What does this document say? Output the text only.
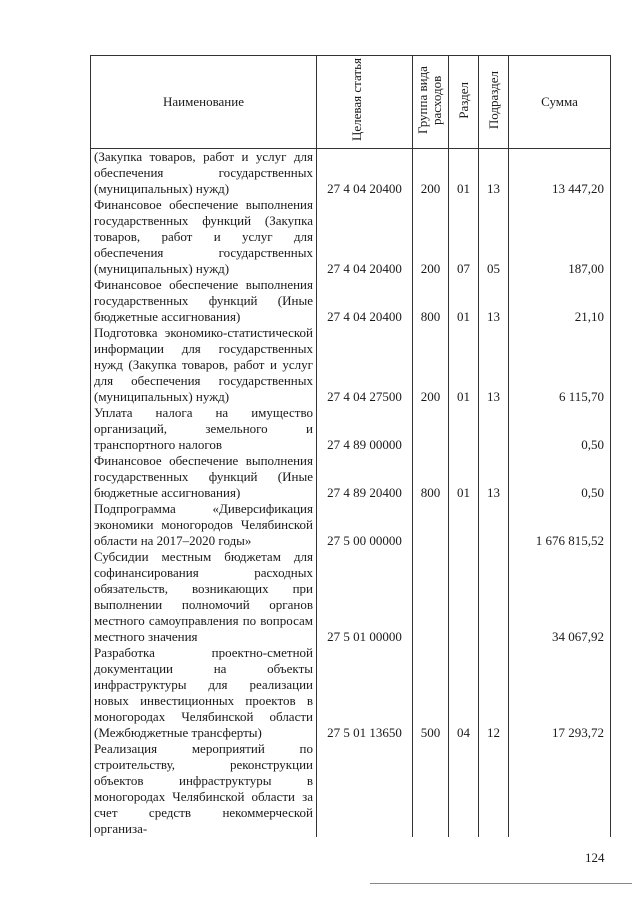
Наименование	Целевая статья	Группа вида расходов	Раздел	Подраздел	Сумма
(Закупка товаров, работ и услуг для обеспечения государственных (муниципальных) нужд)	27 4 04 20400	200	01	13	13 447,20
Финансовое обеспечение выполнения государственных функций (Закупка товаров, работ и услуг для обеспечения государственных (муниципальных) нужд)	27 4 04 20400	200	07	05	187,00
Финансовое обеспечение выполнения государственных функций (Иные бюджетные ассигнования)	27 4 04 20400	800	01	13	21,10
Подготовка экономико-статистической информации для государственных нужд (Закупка товаров, работ и услуг для обеспечения государственных (муниципальных) нужд)	27 4 04 27500	200	01	13	6 115,70
Уплата налога на имущество организаций, земельного и транспортного налогов	27 4 89 00000				0,50
Финансовое обеспечение выполнения государственных функций (Иные бюджетные ассигнования)	27 4 89 20400	800	01	13	0,50
Подпрограмма «Диверсификация экономики моногородов Челябинской области на 2017–2020 годы»	27 5 00 00000				1 676 815,52
Субсидии местным бюджетам для софинансирования расходных обязательств, возникающих при выполнении полномочий органов местного самоуправления по вопросам местного значения	27 5 01 00000				34 067,92
Разработка проектно-сметной документации на объекты инфраструктуры для реализации новых инвестиционных проектов в моногородах Челябинской области (Межбюджетные трансферты)	27 5 01 13650	500	04	12	17 293,72
Реализация мероприятий по строительству, реконструкции объектов инфраструктуры в моногородах Челябинской области за счет средств некоммерческой организа-					
124
